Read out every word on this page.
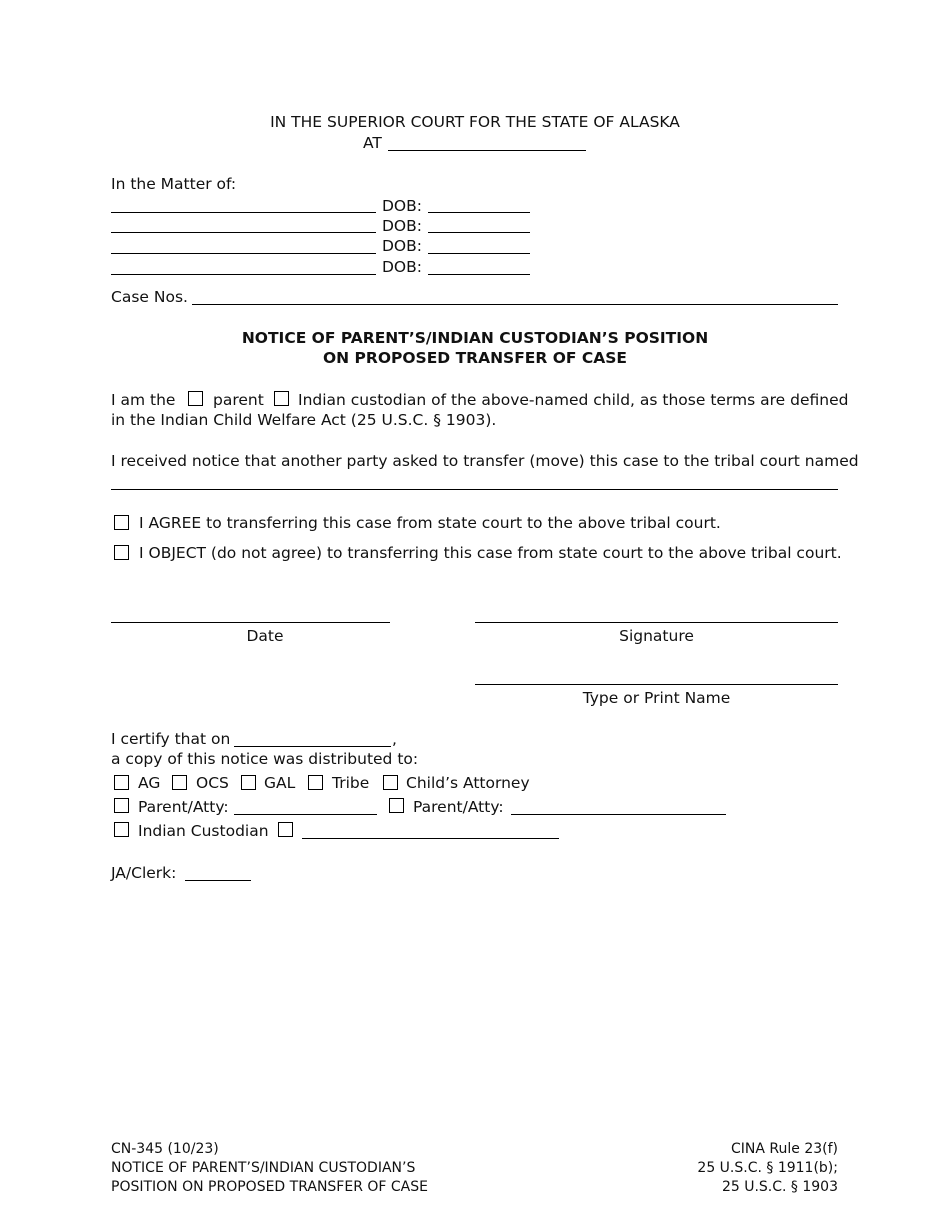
IN THE SUPERIOR COURT FOR THE STATE OF ALASKA
AT
In the Matter of:
DOB:
DOB:
DOB:
DOB:
Case Nos.
NOTICE OF PARENT’S/INDIAN CUSTODIAN’S POSITION
ON PROPOSED TRANSFER OF CASE
I am the parent Indian custodian of the above-named child, as those terms are defined
in the Indian Child Welfare Act (25 U.S.C. § 1903).
I received notice that another party asked to transfer (move) this case to the tribal court named
I AGREE to transferring this case from state court to the above tribal court.
I OBJECT (do not agree) to transferring this case from state court to the above tribal court.
Date	Signature
Type or Print Name
I certify that on	,
a copy of this notice was distributed to:
AG OCS GAL Tribe Child’s Attorney
Parent/Atty:	Parent/Atty:
Indian Custodian
JA/Clerk:
CN-345 (10/23)
NOTICE OF PARENT’S/INDIAN CUSTODIAN’S
POSITION ON PROPOSED TRANSFER OF CASE
CINA Rule 23(f)
25 U.S.C. § 1911(b);
25 U.S.C. § 1903
